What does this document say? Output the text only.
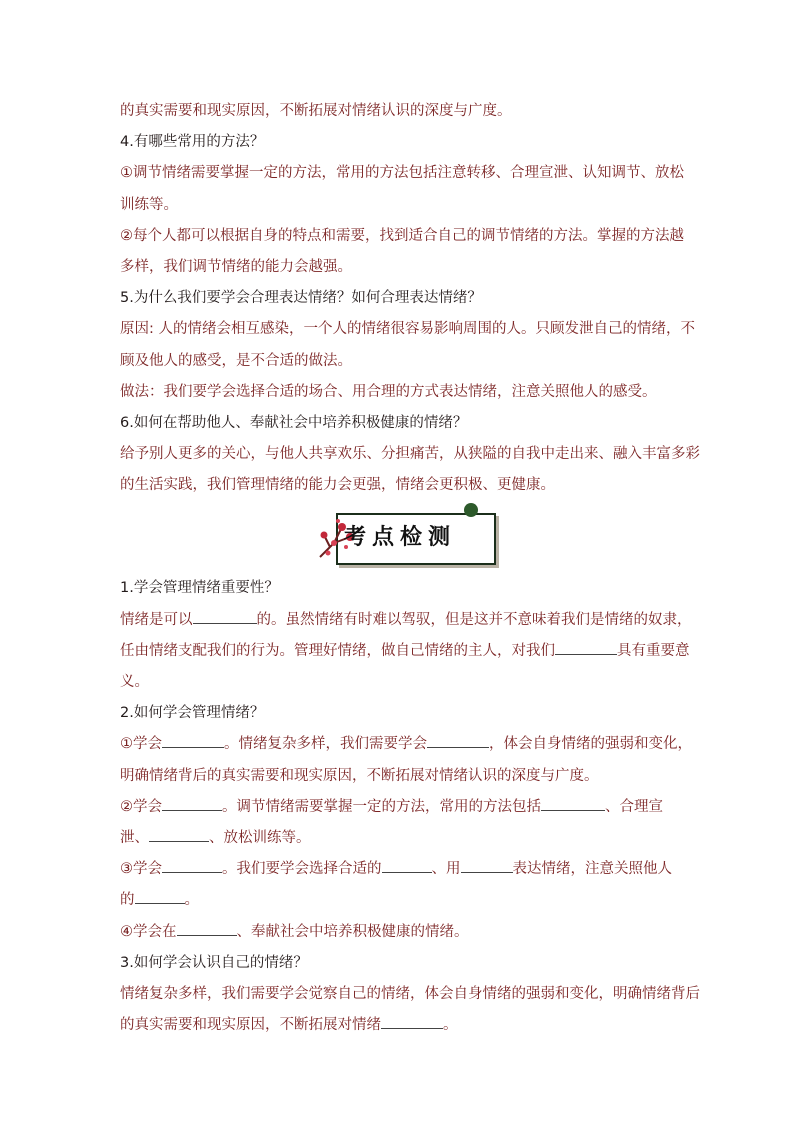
的真实需要和现实原因，不断拓展对情绪认识的深度与广度。
4.有哪些常用的方法？
①调节情绪需要掌握一定的方法，常用的方法包括注意转移、合理宣泄、认知调节、放松
训练等。
②每个人都可以根据自身的特点和需要，找到适合自己的调节情绪的方法。掌握的方法越
多样，我们调节情绪的能力会越强。
5.为什么我们要学会合理表达情绪？如何合理表达情绪？
原因: 人的情绪会相互感染，一个人的情绪很容易影响周围的人。只顾发泄自己的情绪，不
顾及他人的感受，是不合适的做法。
做法：我们要学会选择合适的场合、用合理的方式表达情绪，注意关照他人的感受。
6.如何在帮助他人、奉献社会中培养积极健康的情绪？
给予别人更多的关心，与他人共享欢乐、分担痛苦，从狭隘的自我中走出来、融入丰富多彩
的生活实践，我们管理情绪的能力会更强，情绪会更积极、更健康。
考点检测
1.学会管理情绪重要性？
情绪是可以	的。虽然情绪有时难以驾驭，但是这并不意味着我们是情绪的奴隶，
任由情绪支配我们的行为。管理好情绪，做自己情绪的主人，对我们	具有重要意
义。
2.如何学会管理情绪？
①学会	。情绪复杂多样，我们需要学会	，体会自身情绪的强弱和变化，
明确情绪背后的真实需要和现实原因，不断拓展对情绪认识的深度与广度。
②学会	。调节情绪需要掌握一定的方法，常用的方法包括	、合理宣
泄、	、放松训练等。
③学会	。我们要学会选择合适的	、用	表达情绪，注意关照他人
的	。
④学会在	、奉献社会中培养积极健康的情绪。
3.如何学会认识自己的情绪？
情绪复杂多样，我们需要学会觉察自己的情绪，体会自身情绪的强弱和变化，明确情绪背后
的真实需要和现实原因，不断拓展对情绪	。
